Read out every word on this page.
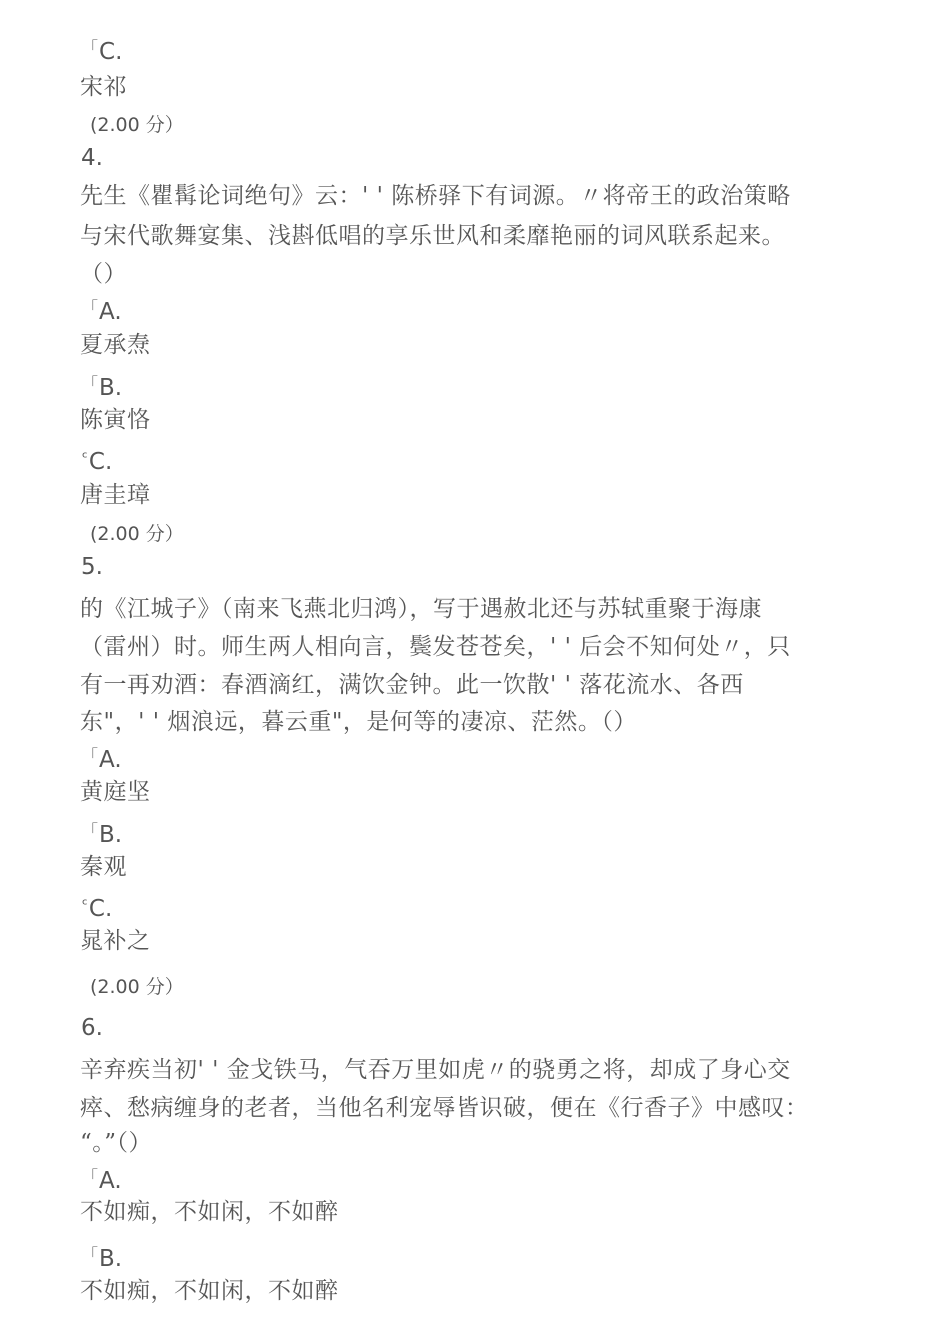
「C.
宋祁
(2.00 分）
4.
先生《瞿髯论词绝句》云：' ' 陈桥驿下有词源。〃将帝王的政治策略
与宋代歌舞宴集、浅斟低唱的享乐世风和柔靡艳丽的词风联系起来。
（）
「A.
夏承焘
「B.
陈寅恪
ᶜC.
唐圭璋
(2.00 分）
5.
的《江城子》（南来飞燕北归鸿），写于遇赦北还与苏轼重聚于海康
（雷州）时。师生两人相向言，鬓发苍苍矣，' ' 后会不知何处〃，只
有一再劝酒：春酒滴红，满饮金钟。此一饮散' ' 落花流水、各西
东"，' ' 烟浪远，暮云重"，是何等的凄凉、茫然。（）
「A.
黄庭坚
「B.
秦观
ᶜC.
晁补之
(2.00 分）
6.
辛弃疾当初' ' 金戈铁马，气吞万里如虎〃的骁勇之将，却成了身心交
瘁、愁病缠身的老者，当他名利宠辱皆识破，便在《行香子》中感叹：
“。”（）
「A.
不如痴，不如闲，不如醉
「B.
不如痴，不如闲，不如醉
